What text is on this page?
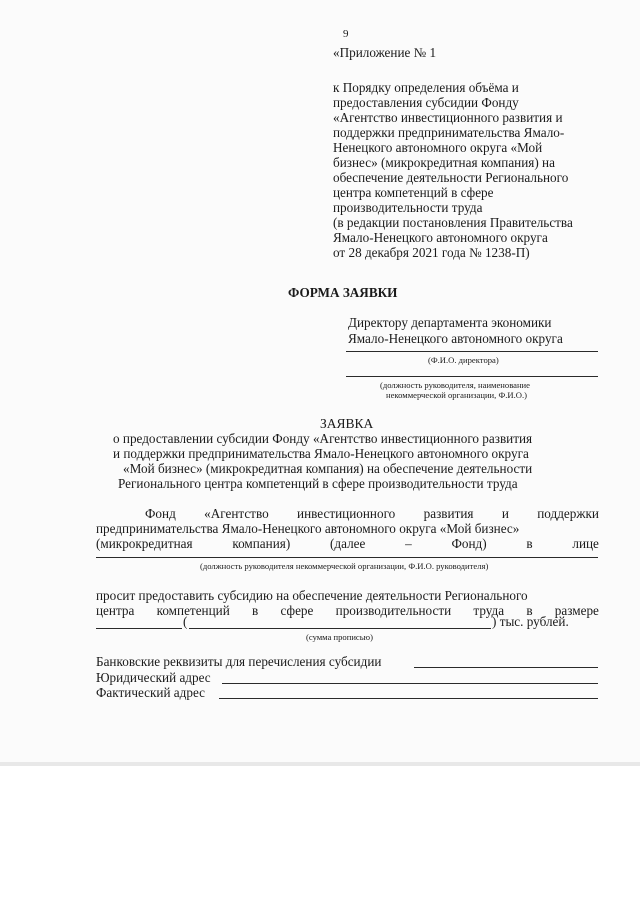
9
«Приложение № 1
к Порядку определения объёма и
предоставления субсидии Фонду
«Агентство инвестиционного развития и
поддержки предпринимательства Ямало-
Ненецкого автономного округа «Мой
бизнес» (микрокредитная компания) на
обеспечение деятельности Регионального
центра компетенций в сфере
производительности труда
(в редакции постановления Правительства
Ямало-Ненецкого автономного округа
от 28 декабря 2021 года № 1238-П)
ФОРМА ЗАЯВКИ
Директору департамента экономики
Ямало-Ненецкого автономного округа
(Ф.И.О. директора)
(должность руководителя, наименование
некоммерческой организации, Ф.И.О.)
ЗАЯВКА
о предоставлении субсидии Фонду «Агентство инвестиционного развития
и поддержки предпринимательства Ямало-Ненецкого автономного округа
«Мой бизнес» (микрокредитная компания) на обеспечение деятельности
Регионального центра компетенций в сфере производительности труда
Фонд «Агентство инвестиционного развития и поддержки
предпринимательства Ямало-Ненецкого автономного округа «Мой бизнес»
(микрокредитная	компания)	(далее	–	Фонд)	в	лице
(должность руководителя некоммерческой организации, Ф.И.О. руководителя)
просит предоставить субсидию на обеспечение деятельности Регионального
центра компетенций в сфере производительности труда в размере
(	) тыс. рублей.
(сумма прописью)
Банковские реквизиты для перечисления субсидии
Юридический адрес
Фактический адрес
